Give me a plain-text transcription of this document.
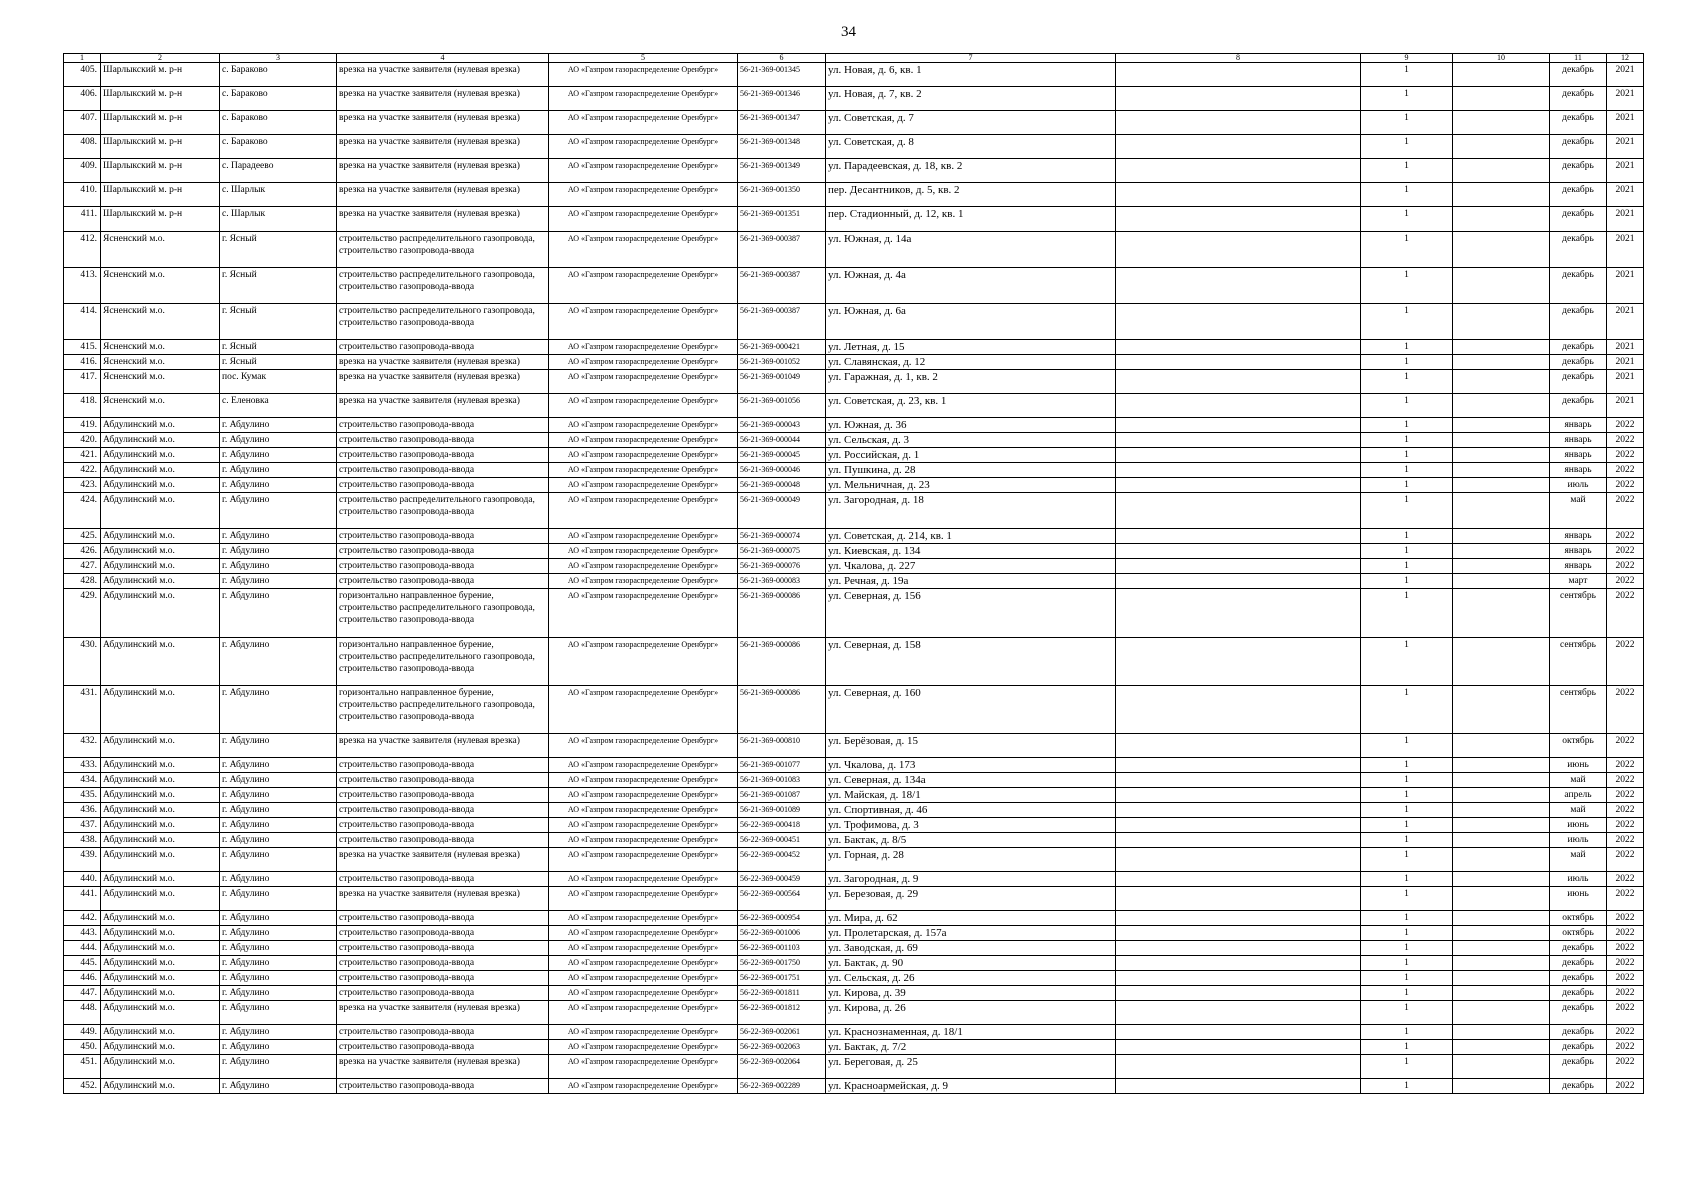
34
1	2	3	4	5	6	7	8	9	10	11	12
405.	Шарлыкский м. р-н	с. Бараково	врезка на участке заявителя (нулевая врезка)	АО «Газпром газораспределение Оренбург»	56-21-369-001345	ул. Новая, д. 6, кв. 1		1		декабрь	2021
406.	Шарлыкский м. р-н	с. Бараково	врезка на участке заявителя (нулевая врезка)	АО «Газпром газораспределение Оренбург»	56-21-369-001346	ул. Новая, д. 7, кв. 2		1		декабрь	2021
407.	Шарлыкский м. р-н	с. Бараково	врезка на участке заявителя (нулевая врезка)	АО «Газпром газораспределение Оренбург»	56-21-369-001347	ул. Советская, д. 7		1		декабрь	2021
408.	Шарлыкский м. р-н	с. Бараково	врезка на участке заявителя (нулевая врезка)	АО «Газпром газораспределение Оренбург»	56-21-369-001348	ул. Советская, д. 8		1		декабрь	2021
409.	Шарлыкский м. р-н	с. Парадеево	врезка на участке заявителя (нулевая врезка)	АО «Газпром газораспределение Оренбург»	56-21-369-001349	ул. Парадеевская, д. 18, кв. 2		1		декабрь	2021
410.	Шарлыкский м. р-н	с. Шарлык	врезка на участке заявителя (нулевая врезка)	АО «Газпром газораспределение Оренбург»	56-21-369-001350	пер. Десантников, д. 5, кв. 2		1		декабрь	2021
411.	Шарлыкский м. р-н	с. Шарлык	врезка на участке заявителя (нулевая врезка)	АО «Газпром газораспределение Оренбург»	56-21-369-001351	пер. Стадионный, д. 12, кв. 1		1		декабрь	2021
412.	Ясненский м.о.	г. Ясный	строительство распределительного газопровода, строительство газопровода-ввода	АО «Газпром газораспределение Оренбург»	56-21-369-000387	ул. Южная, д. 14а		1		декабрь	2021
413.	Ясненский м.о.	г. Ясный	строительство распределительного газопровода, строительство газопровода-ввода	АО «Газпром газораспределение Оренбург»	56-21-369-000387	ул. Южная, д. 4а		1		декабрь	2021
414.	Ясненский м.о.	г. Ясный	строительство распределительного газопровода, строительство газопровода-ввода	АО «Газпром газораспределение Оренбург»	56-21-369-000387	ул. Южная, д. 6а		1		декабрь	2021
415.	Ясненский м.о.	г. Ясный	строительство газопровода-ввода	АО «Газпром газораспределение Оренбург»	56-21-369-000421	ул. Летная, д. 15		1		декабрь	2021
416.	Ясненский м.о.	г. Ясный	врезка на участке заявителя (нулевая врезка)	АО «Газпром газораспределение Оренбург»	56-21-369-001052	ул. Славянская, д. 12		1		декабрь	2021
417.	Ясненский м.о.	пос. Кумак	врезка на участке заявителя (нулевая врезка)	АО «Газпром газораспределение Оренбург»	56-21-369-001049	ул. Гаражная, д. 1, кв. 2		1		декабрь	2021
418.	Ясненский м.о.	с. Еленовка	врезка на участке заявителя (нулевая врезка)	АО «Газпром газораспределение Оренбург»	56-21-369-001056	ул. Советская, д. 23, кв. 1		1		декабрь	2021
419.	Абдулинский м.о.	г. Абдулино	строительство газопровода-ввода	АО «Газпром газораспределение Оренбург»	56-21-369-000043	ул. Южная, д. 36		1		январь	2022
420.	Абдулинский м.о.	г. Абдулино	строительство газопровода-ввода	АО «Газпром газораспределение Оренбург»	56-21-369-000044	ул. Сельская, д. 3		1		январь	2022
421.	Абдулинский м.о.	г. Абдулино	строительство газопровода-ввода	АО «Газпром газораспределение Оренбург»	56-21-369-000045	ул. Российская, д. 1		1		январь	2022
422.	Абдулинский м.о.	г. Абдулино	строительство газопровода-ввода	АО «Газпром газораспределение Оренбург»	56-21-369-000046	ул. Пушкина, д. 28		1		январь	2022
423.	Абдулинский м.о.	г. Абдулино	строительство газопровода-ввода	АО «Газпром газораспределение Оренбург»	56-21-369-000048	ул. Мельничная, д. 23		1		июль	2022
424.	Абдулинский м.о.	г. Абдулино	строительство распределительного газопровода, строительство газопровода-ввода	АО «Газпром газораспределение Оренбург»	56-21-369-000049	ул. Загородная, д. 18		1		май	2022
425.	Абдулинский м.о.	г. Абдулино	строительство газопровода-ввода	АО «Газпром газораспределение Оренбург»	56-21-369-000074	ул. Советская, д. 214, кв. 1		1		январь	2022
426.	Абдулинский м.о.	г. Абдулино	строительство газопровода-ввода	АО «Газпром газораспределение Оренбург»	56-21-369-000075	ул. Киевская, д. 134		1		январь	2022
427.	Абдулинский м.о.	г. Абдулино	строительство газопровода-ввода	АО «Газпром газораспределение Оренбург»	56-21-369-000076	ул. Чкалова, д. 227		1		январь	2022
428.	Абдулинский м.о.	г. Абдулино	строительство газопровода-ввода	АО «Газпром газораспределение Оренбург»	56-21-369-000083	ул. Речная, д. 19а		1		март	2022
429.	Абдулинский м.о.	г. Абдулино	горизонтально направленное бурение, строительство распределительного газопровода, строительство газопровода-ввода	АО «Газпром газораспределение Оренбург»	56-21-369-000086	ул. Северная, д. 156		1		сентябрь	2022
430.	Абдулинский м.о.	г. Абдулино	горизонтально направленное бурение, строительство распределительного газопровода, строительство газопровода-ввода	АО «Газпром газораспределение Оренбург»	56-21-369-000086	ул. Северная, д. 158		1		сентябрь	2022
431.	Абдулинский м.о.	г. Абдулино	горизонтально направленное бурение, строительство распределительного газопровода, строительство газопровода-ввода	АО «Газпром газораспределение Оренбург»	56-21-369-000086	ул. Северная, д. 160		1		сентябрь	2022
432.	Абдулинский м.о.	г. Абдулино	врезка на участке заявителя (нулевая врезка)	АО «Газпром газораспределение Оренбург»	56-21-369-000810	ул. Берёзовая, д. 15		1		октябрь	2022
433.	Абдулинский м.о.	г. Абдулино	строительство газопровода-ввода	АО «Газпром газораспределение Оренбург»	56-21-369-001077	ул. Чкалова, д. 173		1		июнь	2022
434.	Абдулинский м.о.	г. Абдулино	строительство газопровода-ввода	АО «Газпром газораспределение Оренбург»	56-21-369-001083	ул. Северная, д. 134а		1		май	2022
435.	Абдулинский м.о.	г. Абдулино	строительство газопровода-ввода	АО «Газпром газораспределение Оренбург»	56-21-369-001087	ул. Майская, д. 18/1		1		апрель	2022
436.	Абдулинский м.о.	г. Абдулино	строительство газопровода-ввода	АО «Газпром газораспределение Оренбург»	56-21-369-001089	ул. Спортивная, д. 46		1		май	2022
437.	Абдулинский м.о.	г. Абдулино	строительство газопровода-ввода	АО «Газпром газораспределение Оренбург»	56-22-369-000418	ул. Трофимова, д. 3		1		июнь	2022
438.	Абдулинский м.о.	г. Абдулино	строительство газопровода-ввода	АО «Газпром газораспределение Оренбург»	56-22-369-000451	ул. Бактак, д. 8/5		1		июль	2022
439.	Абдулинский м.о.	г. Абдулино	врезка на участке заявителя (нулевая врезка)	АО «Газпром газораспределение Оренбург»	56-22-369-000452	ул. Горная, д. 28		1		май	2022
440.	Абдулинский м.о.	г. Абдулино	строительство газопровода-ввода	АО «Газпром газораспределение Оренбург»	56-22-369-000459	ул. Загородная, д. 9		1		июль	2022
441.	Абдулинский м.о.	г. Абдулино	врезка на участке заявителя (нулевая врезка)	АО «Газпром газораспределение Оренбург»	56-22-369-000564	ул. Березовая, д. 29		1		июнь	2022
442.	Абдулинский м.о.	г. Абдулино	строительство газопровода-ввода	АО «Газпром газораспределение Оренбург»	56-22-369-000954	ул. Мира, д. 62		1		октябрь	2022
443.	Абдулинский м.о.	г. Абдулино	строительство газопровода-ввода	АО «Газпром газораспределение Оренбург»	56-22-369-001006	ул. Пролетарская, д. 157а		1		октябрь	2022
444.	Абдулинский м.о.	г. Абдулино	строительство газопровода-ввода	АО «Газпром газораспределение Оренбург»	56-22-369-001103	ул. Заводская, д. 69		1		декабрь	2022
445.	Абдулинский м.о.	г. Абдулино	строительство газопровода-ввода	АО «Газпром газораспределение Оренбург»	56-22-369-001750	ул. Бактак, д. 90		1		декабрь	2022
446.	Абдулинский м.о.	г. Абдулино	строительство газопровода-ввода	АО «Газпром газораспределение Оренбург»	56-22-369-001751	ул. Сельская, д. 26		1		декабрь	2022
447.	Абдулинский м.о.	г. Абдулино	строительство газопровода-ввода	АО «Газпром газораспределение Оренбург»	56-22-369-001811	ул. Кирова, д. 39		1		декабрь	2022
448.	Абдулинский м.о.	г. Абдулино	врезка на участке заявителя (нулевая врезка)	АО «Газпром газораспределение Оренбург»	56-22-369-001812	ул. Кирова, д. 26		1		декабрь	2022
449.	Абдулинский м.о.	г. Абдулино	строительство газопровода-ввода	АО «Газпром газораспределение Оренбург»	56-22-369-002061	ул. Краснознаменная, д. 18/1		1		декабрь	2022
450.	Абдулинский м.о.	г. Абдулино	строительство газопровода-ввода	АО «Газпром газораспределение Оренбург»	56-22-369-002063	ул. Бактак, д. 7/2		1		декабрь	2022
451.	Абдулинский м.о.	г. Абдулино	врезка на участке заявителя (нулевая врезка)	АО «Газпром газораспределение Оренбург»	56-22-369-002064	ул. Береговая, д. 25		1		декабрь	2022
452.	Абдулинский м.о.	г. Абдулино	строительство газопровода-ввода	АО «Газпром газораспределение Оренбург»	56-22-369-002289	ул. Красноармейская, д. 9		1		декабрь	2022
